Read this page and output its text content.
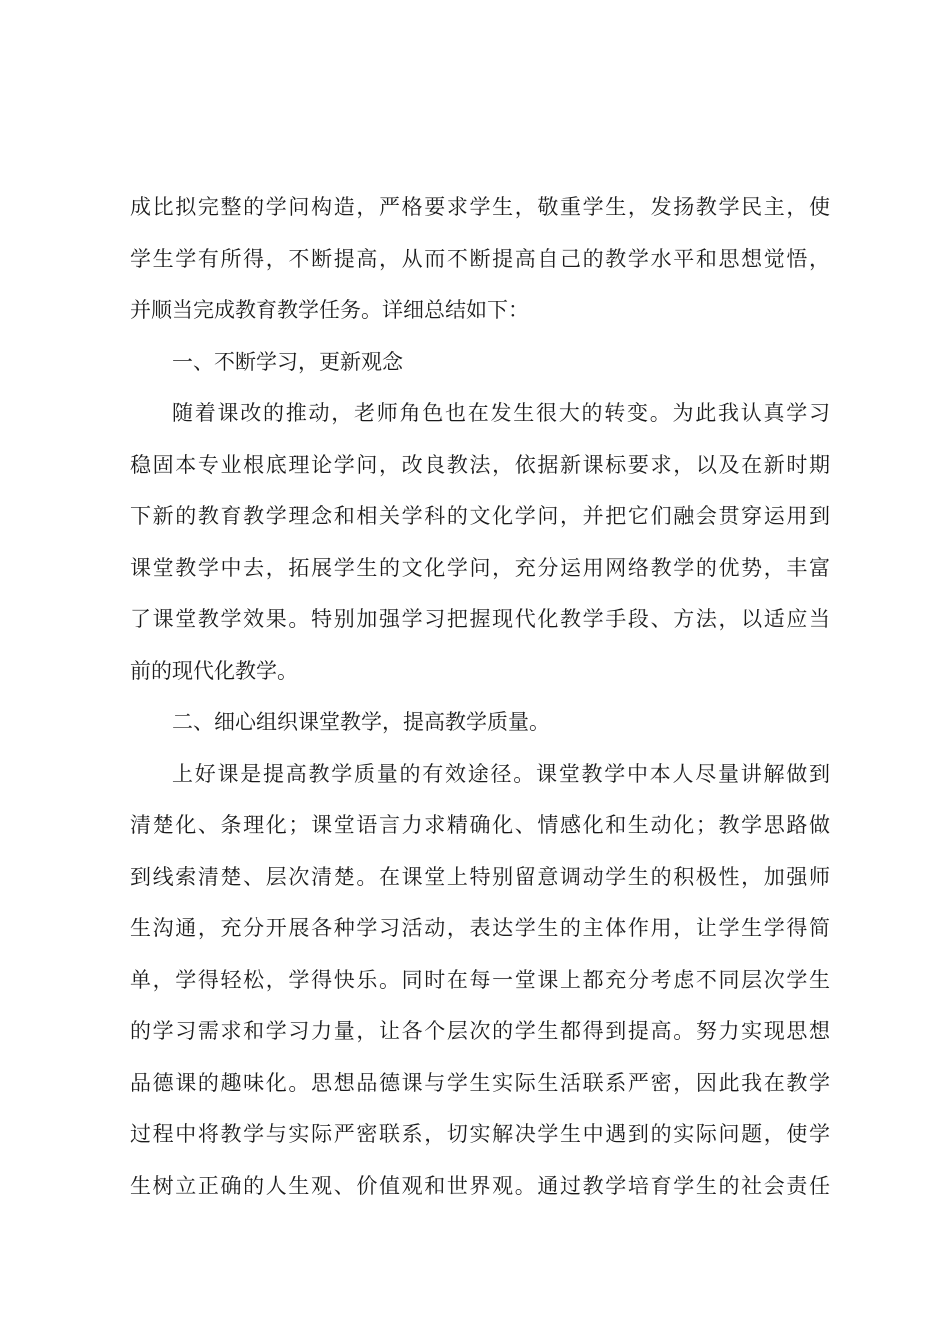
成比拟完整的学问构造，严格要求学生，敬重学生，发扬教学民主，使
学生学有所得，不断提高，从而不断提高自己的教学水平和思想觉悟，
并顺当完成教育教学任务。详细总结如下：
一、不断学习，更新观念
随着课改的推动，老师角色也在发生很大的转变。为此我认真学习
稳固本专业根底理论学问，改良教法，依据新课标要求，以及在新时期
下新的教育教学理念和相关学科的文化学问，并把它们融会贯穿运用到
课堂教学中去，拓展学生的文化学问，充分运用网络教学的优势，丰富
了课堂教学效果。特别加强学习把握现代化教学手段、方法，以适应当
前的现代化教学。
二、细心组织课堂教学，提高教学质量。
上好课是提高教学质量的有效途径。课堂教学中本人尽量讲解做到
清楚化、条理化；课堂语言力求精确化、情感化和生动化；教学思路做
到线索清楚、层次清楚。在课堂上特别留意调动学生的积极性，加强师
生沟通，充分开展各种学习活动，表达学生的主体作用，让学生学得简
单，学得轻松，学得快乐。同时在每一堂课上都充分考虑不同层次学生
的学习需求和学习力量，让各个层次的学生都得到提高。努力实现思想
品德课的趣味化。思想品德课与学生实际生活联系严密，因此我在教学
过程中将教学与实际严密联系，切实解决学生中遇到的实际问题，使学
生树立正确的人生观、价值观和世界观。通过教学培育学生的社会责任
